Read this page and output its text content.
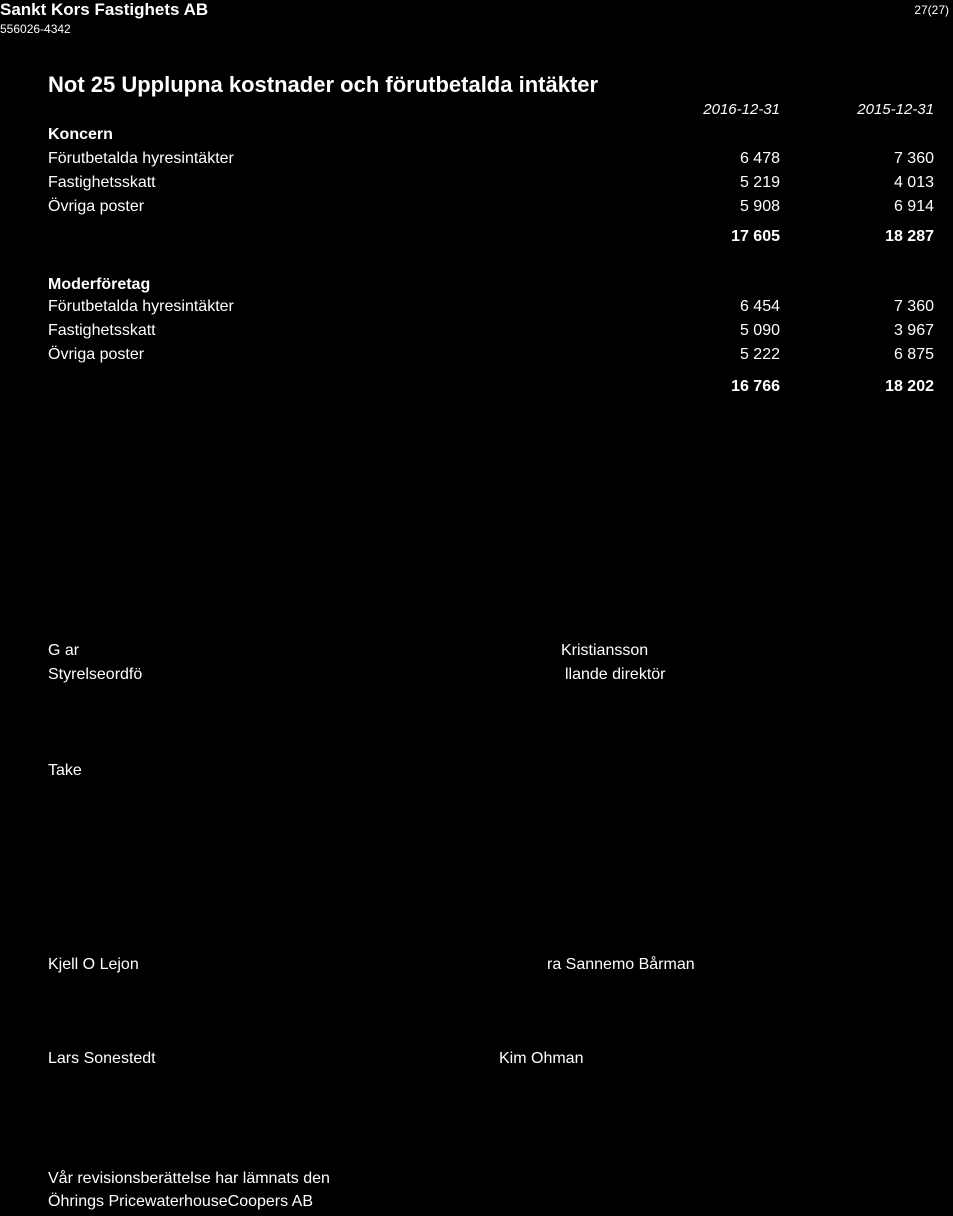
Sankt Kors Fastighets AB
556026-4342
27(27)
Not 25 Upplupna kostnader och förutbetalda intäkter
2016-12-31	2015-12-31
Koncern
Förutbetalda hyresintäkter	6 478	7 360
Fastighetsskatt	5 219	4 013
Övriga poster	5 908	6 914
17 605	18 287
Moderföretag
Förutbetalda hyresintäkter	6 454	7 360
Fastighetsskatt	5 090	3 967
Övriga poster	5 222	6 875
16 766	18 202
G ar
Styrelseordfö
Kristiansson
llande direktör
Take
Kjell O Lejon	ra Sannemo Bårman
Lars Sonestedt	Kim Ohman
Vår revisionsberättelse har lämnats den
Öhrings PricewaterhouseCoopers AB
